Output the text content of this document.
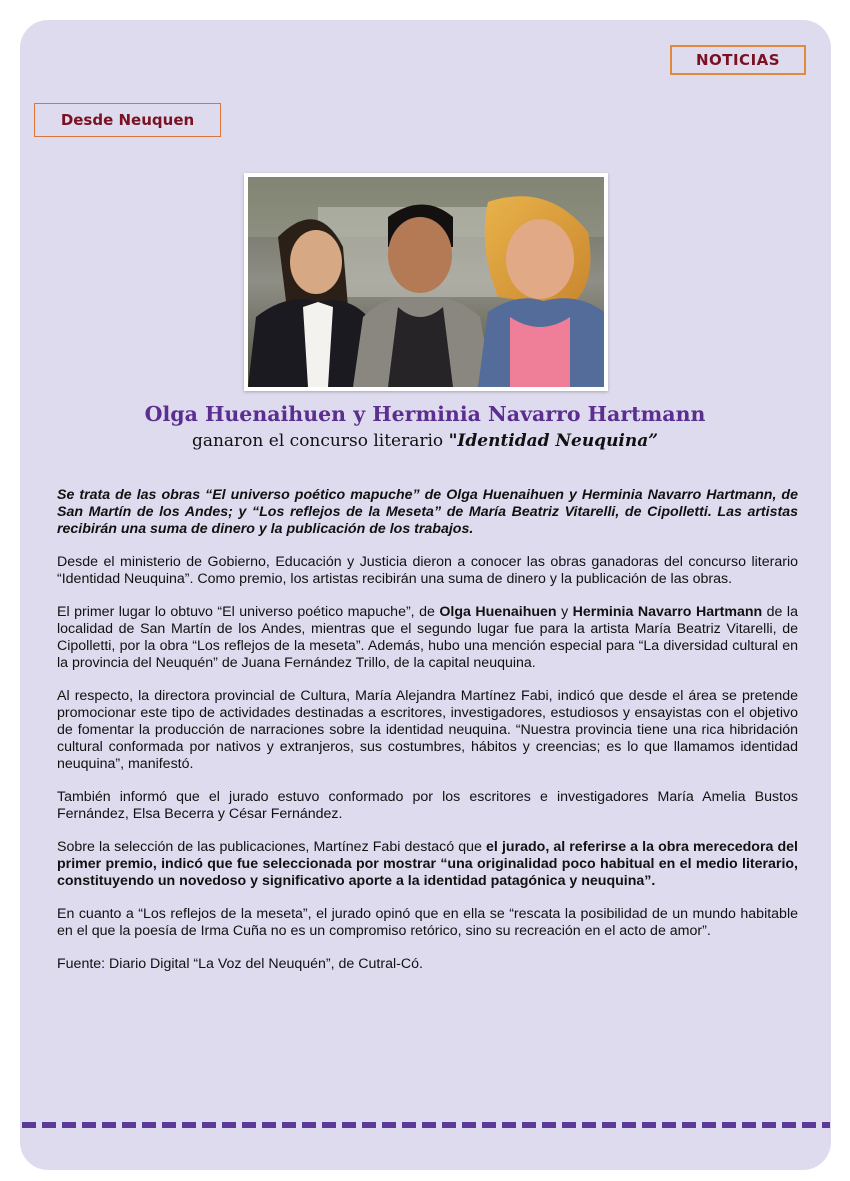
NOTICIAS
Desde Neuquen
Olga Huenaihuen y Herminia Navarro Hartmann
ganaron el concurso literario "Identidad Neuquina”

Se trata de las obras “El universo poético mapuche” de Olga Huenaihuen y Herminia Navarro Hartmann, de San Martín de los Andes; y “Los reflejos de la Meseta” de María Beatriz Vitarelli, de Cipolletti. Las artistas recibirán una suma de dinero y la publicación de los trabajos.

Desde el ministerio de Gobierno, Educación y Justicia dieron a conocer las obras ganadoras del concurso literario “Identidad Neuquina”. Como premio, los artistas recibirán una suma de dinero y la publicación de las obras.

El primer lugar lo obtuvo “El universo poético mapuche”, de Olga Huenaihuen y Herminia Navarro Hartmann de la localidad de San Martín de los Andes, mientras que el segundo lugar fue para la artista María Beatriz Vitarelli, de Cipolletti, por la obra “Los reflejos de la meseta”. Además, hubo una mención especial para “La diversidad cultural en la provincia del Neuquén” de Juana Fernández Trillo, de la capital neuquina.

Al respecto, la directora provincial de Cultura, María Alejandra Martínez Fabi, indicó que desde el área se pretende promocionar este tipo de actividades destinadas a escritores, investigadores, estudiosos y ensayistas con el objetivo de fomentar la producción de narraciones sobre la identidad neuquina. “Nuestra provincia tiene una rica hibridación cultural conformada por nativos y extranjeros, sus costumbres, hábitos y creencias; es lo que llamamos identidad neuquina”, manifestó.

También informó que el jurado estuvo conformado por los escritores e investigadores María Amelia Bustos Fernández, Elsa Becerra y César Fernández.

Sobre la selección de las publicaciones, Martínez Fabi destacó que el jurado, al referirse a la obra merecedora del primer premio, indicó que fue seleccionada por mostrar “una originalidad poco habitual en el medio literario, constituyendo un novedoso y significativo aporte a la identidad patagónica y neuquina”.

En cuanto a “Los reflejos de la meseta”, el jurado opinó que en ella se “rescata la posibilidad de un mundo habitable en el que la poesía de Irma Cuña no es un compromiso retórico, sino su recreación en el acto de amor”.

Fuente: Diario Digital “La Voz del Neuquén”, de Cutral-Có.
